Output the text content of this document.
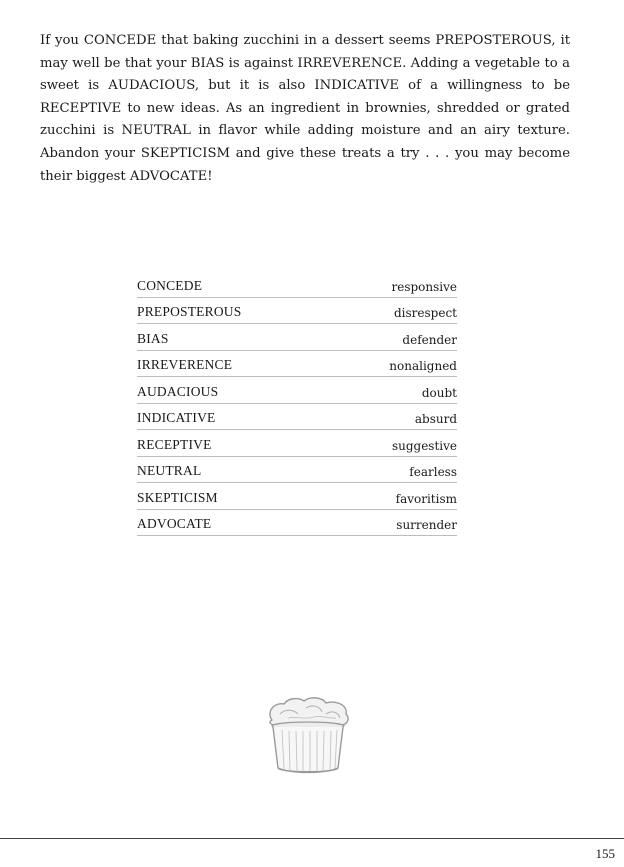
If you CONCEDE that baking zucchini in a dessert seems PREPOSTEROUS, it may well be that your BIAS is against IRREVERENCE. Adding a vegetable to a sweet is AUDACIOUS, but it is also INDICATIVE of a willingness to be RECEPTIVE to new ideas. As an ingredient in brownies, shredded or grated zucchini is NEUTRAL in flavor while adding moisture and an airy texture. Abandon your SKEPTICISM and give these treats a try . . . you may become their biggest ADVOCATE!

CONCEDE	responsive
PREPOSTEROUS	disrespect
BIAS	defender
IRREVERENCE	nonaligned
AUDACIOUS	doubt
INDICATIVE	absurd
RECEPTIVE	suggestive
NEUTRAL	fearless
SKEPTICISM	favoritism
ADVOCATE	surrender
155
